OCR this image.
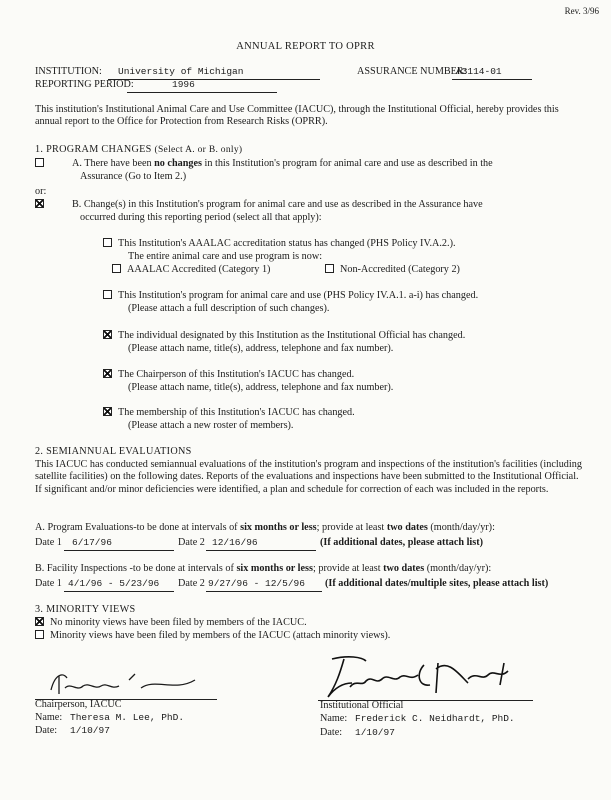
Rev. 3/96
ANNUAL REPORT TO OPRR
INSTITUTION: University of Michigan	ASSURANCE NUMBER:
A3114-01
REPORTING PERIOD:	1996
This institution's Institutional Animal Care and Use Committee (IACUC), through the Institutional Official, hereby provides this annual report to the Office for Protection from Research Risks (OPRR).
1. PROGRAM CHANGES (Select A. or B. only)
A. There have been no changes in this Institution's program for animal care and use as described in the
Assurance (Go to Item 2.)
or:
B. Change(s) in this Institution's program for animal care and use as described in the Assurance have
occurred during this reporting period (select all that apply):
This Institution's AAALAC accreditation status has changed (PHS Policy IV.A.2.).
The entire animal care and use program is now:
AAALAC Accredited (Category 1)	Non-Accredited (Category 2)
This Institution's program for animal care and use (PHS Policy IV.A.1. a-i) has changed.
(Please attach a full description of such changes).
The individual designated by this Institution as the Institutional Official has changed.
(Please attach name, title(s), address, telephone and fax number).
The Chairperson of this Institution's IACUC has changed.
(Please attach name, title(s), address, telephone and fax number).
The membership of this Institution's IACUC has changed.
(Please attach a new roster of members).
2. SEMIANNUAL EVALUATIONS
This IACUC has conducted semiannual evaluations of the institution's program and inspections of the institution's facilities (including satellite facilities) on the following dates. Reports of the evaluations and inspections have been submitted to the Institutional Official. If significant and/or minor deficiencies were identified, a plan and schedule for correction of each was included in the reports.
A. Program Evaluations-to be done at intervals of six months or less; provide at least two dates (month/day/yr):
Date 1 6/17/96	Date 2 12/16/96	(If additional dates, please attach list)
B. Facility Inspections -to be done at intervals of six months or less; provide at least two dates (month/day/yr):
Date 1 4/1/96 - 5/23/96 Date 2 9/27/96 - 12/5/96 (If additional dates/multiple sites, please attach list)
3. MINORITY VIEWS
No minority views have been filed by members of the IACUC.
Minority views have been filed by members of the IACUC (attach minority views).
Chairperson, IACUC
Name: Theresa M. Lee, PhD.
Date: 1/10/97
Institutional Official
Name: Frederick C. Neidhardt, PhD.
Date: 1/10/97
